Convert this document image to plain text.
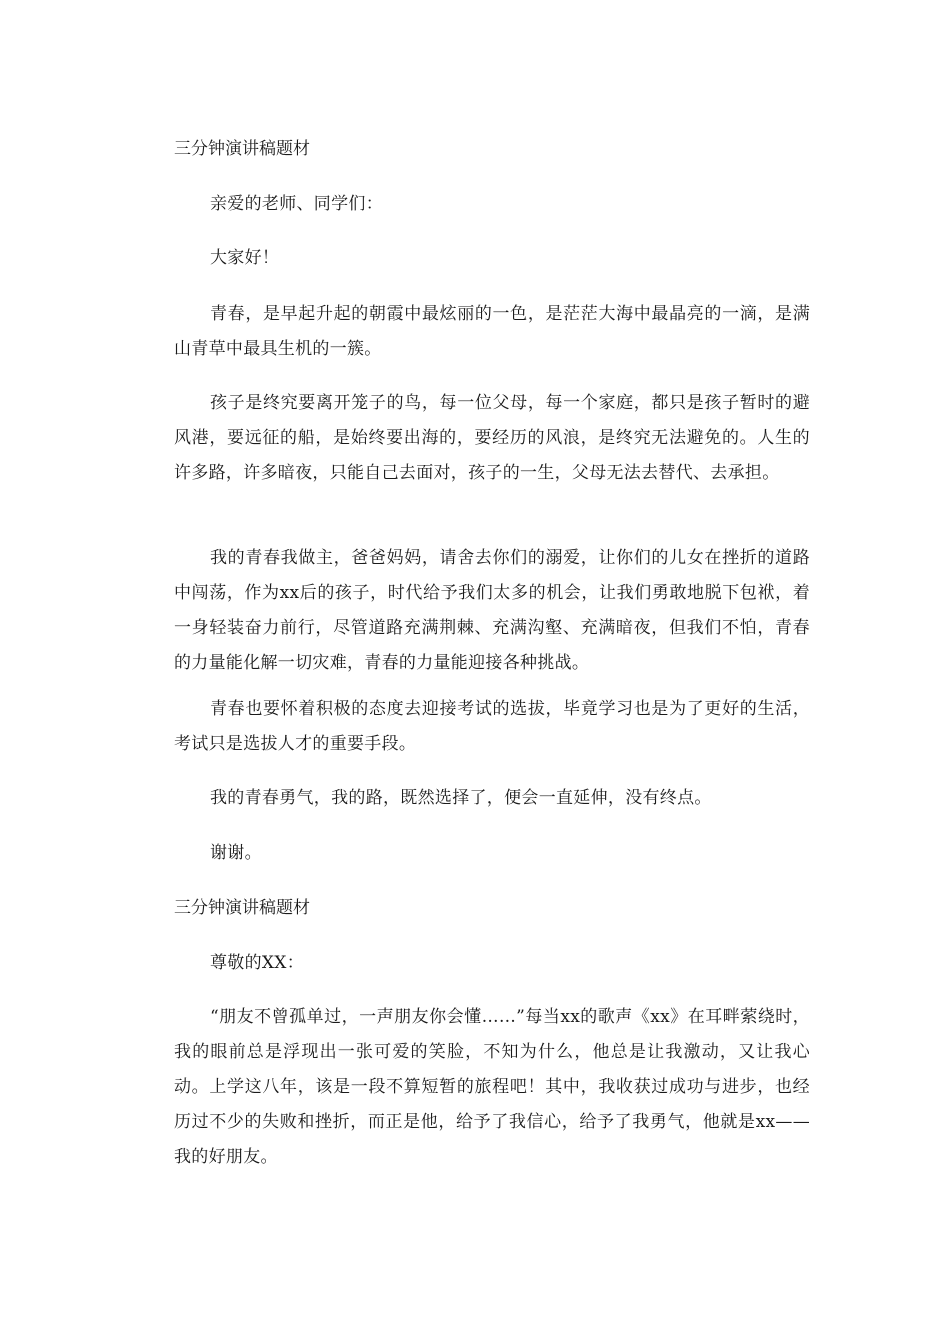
三分钟演讲稿题材
亲爱的老师、同学们：
大家好！
青春，是早起升起的朝霞中最炫丽的一色，是茫茫大海中最晶亮的一滴，是满山青草中最具生机的一簇。
孩子是终究要离开笼子的鸟，每一位父母，每一个家庭，都只是孩子暂时的避风港，要远征的船，是始终要出海的，要经历的风浪，是终究无法避免的。人生的许多路，许多暗夜，只能自己去面对，孩子的一生，父母无法去替代、去承担。
我的青春我做主，爸爸妈妈，请舍去你们的溺爱，让你们的儿女在挫折的道路中闯荡，作为xx后的孩子，时代给予我们太多的机会，让我们勇敢地脱下包袱，着一身轻装奋力前行，尽管道路充满荆棘、充满沟壑、充满暗夜，但我们不怕，青春的力量能化解一切灾难，青春的力量能迎接各种挑战。
青春也要怀着积极的态度去迎接考试的选拔，毕竟学习也是为了更好的生活，考试只是选拔人才的重要手段。
我的青春勇气，我的路，既然选择了，便会一直延伸，没有终点。
谢谢。
三分钟演讲稿题材
尊敬的XX：
“朋友不曾孤单过，一声朋友你会懂……”每当xx的歌声《xx》在耳畔萦绕时，我的眼前总是浮现出一张可爱的笑脸，不知为什么，他总是让我激动，又让我心动。上学这八年，该是一段不算短暂的旅程吧！其中，我收获过成功与进步，也经历过不少的失败和挫折，而正是他，给予了我信心，给予了我勇气，他就是xx——我的好朋友。
